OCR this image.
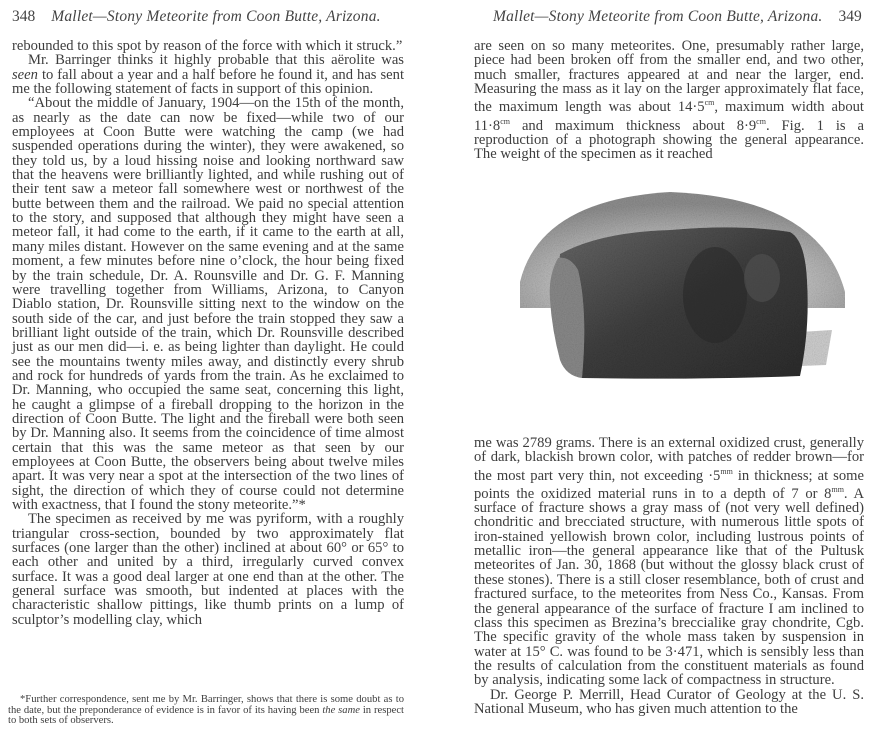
348 Mallet—Stony Meteorite from Coon Butte, Arizona.

rebounded to this spot by reason of the force with which it struck.”

Mr. Barringer thinks it highly probable that this aërolite was seen to fall about a year and a half before he found it, and has sent me the following statement of facts in support of this opinion.

“About the middle of January, 1904—on the 15th of the month, as nearly as the date can now be fixed—while two of our employees at Coon Butte were watching the camp (we had suspended operations during the winter), they were awakened, so they told us, by a loud hissing noise and looking northward saw that the heavens were brilliantly lighted, and while rushing out of their tent saw a meteor fall somewhere west or northwest of the butte between them and the railroad. We paid no special attention to the story, and supposed that although they might have seen a meteor fall, it had come to the earth, if it came to the earth at all, many miles distant. However on the same evening and at the same moment, a few minutes before nine o’clock, the hour being fixed by the train schedule, Dr. A. Rounsville and Dr. G. F. Manning were travelling together from Williams, Arizona, to Canyon Diablo station, Dr. Rounsville sitting next to the window on the south side of the car, and just before the train stopped they saw a brilliant light outside of the train, which Dr. Rounsville described just as our men did—i. e. as being lighter than daylight. He could see the mountains twenty miles away, and distinctly every shrub and rock for hundreds of yards from the train. As he exclaimed to Dr. Manning, who occupied the same seat, concerning this light, he caught a glimpse of a fireball dropping to the horizon in the direction of Coon Butte. The light and the fireball were both seen by Dr. Manning also. It seems from the coincidence of time almost certain that this was the same meteor as that seen by our employees at Coon Butte, the observers being about twelve miles apart. It was very near a spot at the intersection of the two lines of sight, the direction of which they of course could not determine with exactness, that I found the stony meteorite.”*

The specimen as received by me was pyriform, with a roughly triangular cross-section, bounded by two approximately flat surfaces (one larger than the other) inclined at about 60° or 65° to each other and united by a third, irregularly curved convex surface. It was a good deal larger at one end than at the other. The general surface was smooth, but indented at places with the characteristic shallow pittings, like thumb prints on a lump of sculptor’s modelling clay, which

*Further correspondence, sent me by Mr. Barringer, shows that there is some doubt as to the date, but the preponderance of evidence is in favor of its having been the same in respect to both sets of observers.

Mallet—Stony Meteorite from Coon Butte, Arizona. 349

are seen on so many meteorites. One, presumably rather large, piece had been broken off from the smaller end, and two other, much smaller, fractures appeared at and near the larger, end. Measuring the mass as it lay on the larger approximately flat face, the maximum length was about $14\cdot 5^{cm}$, maximum width about $11\cdot 8^{cm}$ and maximum thickness about $8\cdot 9^{cm}$. Fig. 1 is a reproduction of a photograph showing the general appearance. The weight of the specimen as it reached

me was 2789 grams. There is an external oxidized crust, generally of dark, blackish brown color, with patches of redder brown—for the most part very thin, not exceeding $\cdot 5^{mm}$ in thickness; at some points the oxidized material runs in to a depth of 7 or $8^{mm}$. A surface of fracture shows a gray mass of (not very well defined) chondritic and brecciated structure, with numerous little spots of iron-stained yellowish brown color, including lustrous points of metallic iron—the general appearance like that of the Pultusk meteorites of Jan. 30, 1868 (but without the glossy black crust of these stones). There is a still closer resemblance, both of crust and fractured surface, to the meteorites from Ness Co., Kansas. From the general appearance of the surface of fracture I am inclined to class this specimen as Brezina’s breccialike gray chondrite, Cgb. The specific gravity of the whole mass taken by suspension in water at 15° C. was found to be 3·471, which is sensibly less than the results of calculation from the constituent materials as found by analysis, indicating some lack of compactness in structure.

Dr. George P. Merrill, Head Curator of Geology at the U. S. National Museum, who has given much attention to the
